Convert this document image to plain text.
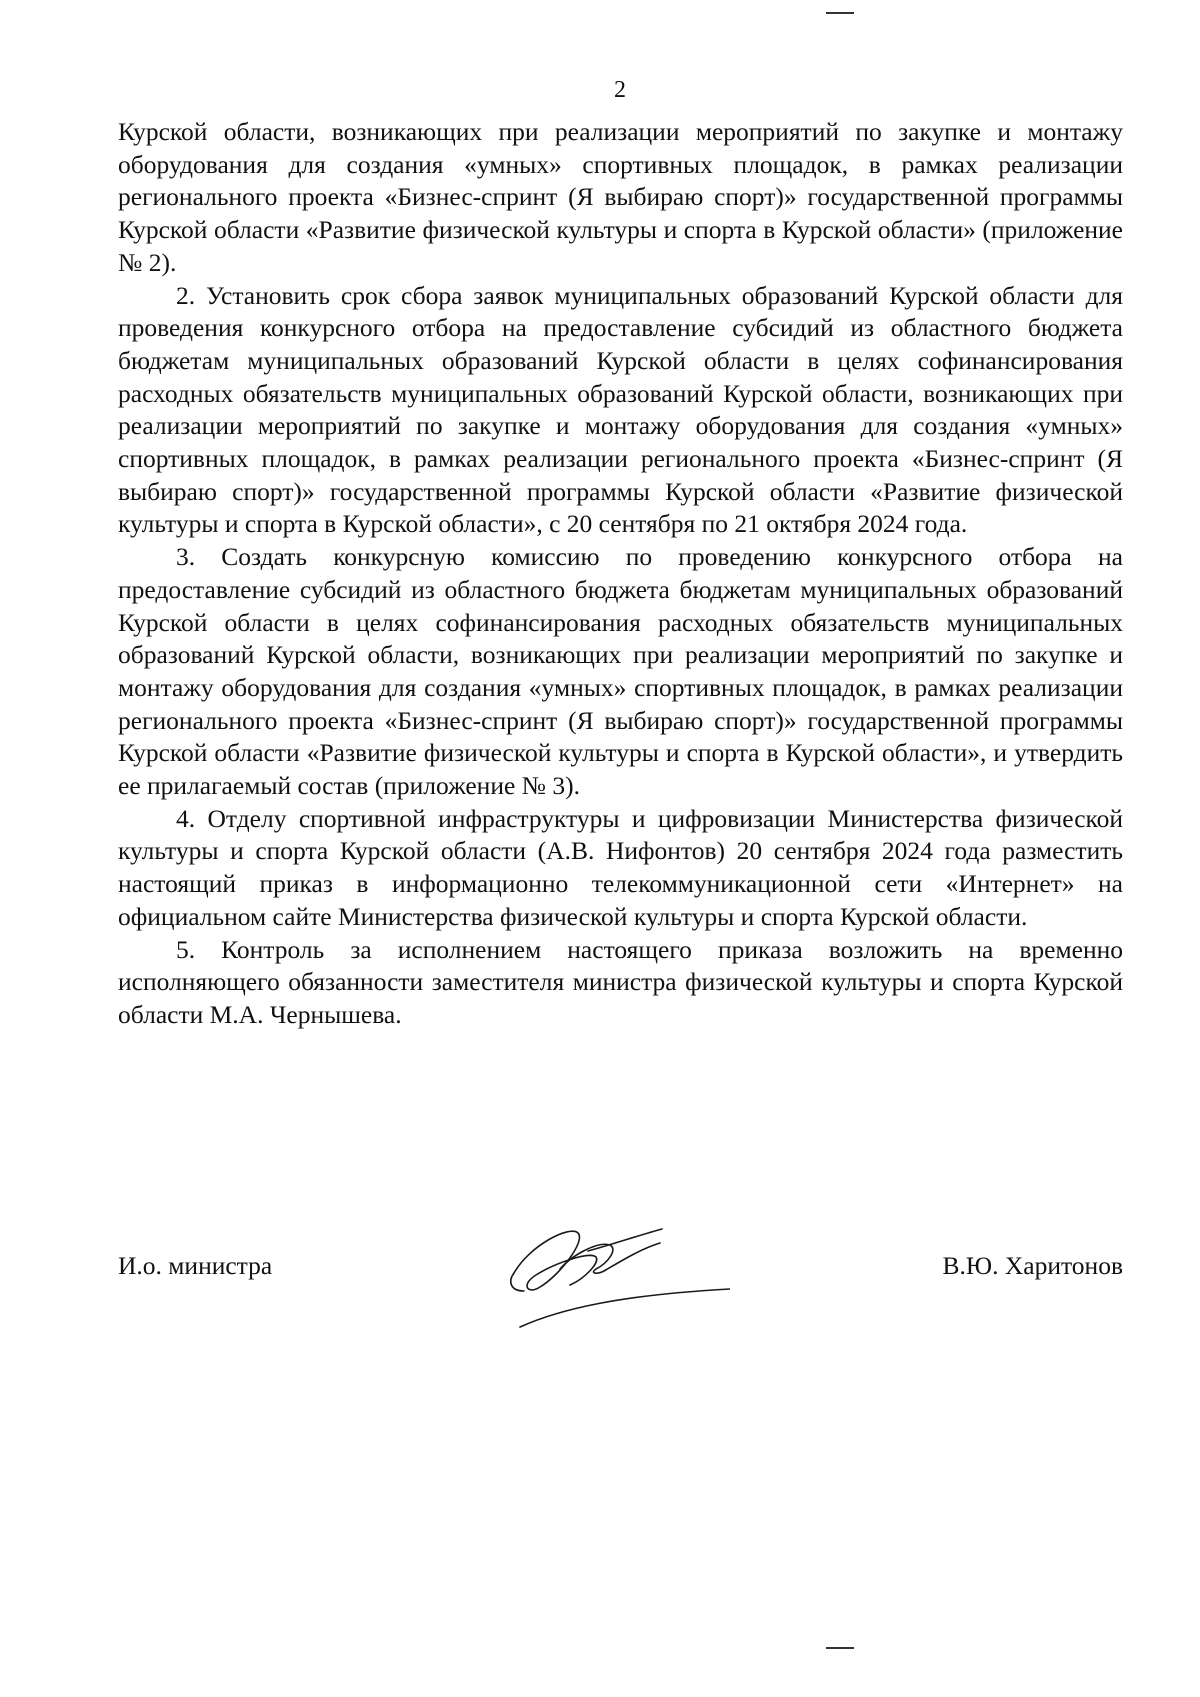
2

Курской области, возникающих при реализации мероприятий по закупке и монтажу оборудования для создания «умных» спортивных площадок, в рамках реализации регионального проекта «Бизнес-спринт (Я выбираю спорт)» государственной программы Курской области «Развитие физической культуры и спорта в Курской области» (приложение № 2).

2. Установить срок сбора заявок муниципальных образований Курской области для проведения конкурсного отбора на предоставление субсидий из областного бюджета бюджетам муниципальных образований Курской области в целях софинансирования расходных обязательств муниципальных образований Курской области, возникающих при реализации мероприятий по закупке и монтажу оборудования для создания «умных» спортивных площадок, в рамках реализации регионального проекта «Бизнес-спринт (Я выбираю спорт)» государственной программы Курской области «Развитие физической культуры и спорта в Курской области», с 20 сентября по 21 октября 2024 года.

3. Создать конкурсную комиссию по проведению конкурсного отбора на предоставление субсидий из областного бюджета бюджетам муниципальных образований Курской области в целях софинансирования расходных обязательств муниципальных образований Курской области, возникающих при реализации мероприятий по закупке и монтажу оборудования для создания «умных» спортивных площадок, в рамках реализации регионального проекта «Бизнес-спринт (Я выбираю спорт)» государственной программы Курской области «Развитие физической культуры и спорта в Курской области», и утвердить ее прилагаемый состав (приложение № 3).

4. Отделу спортивной инфраструктуры и цифровизации Министерства физической культуры и спорта Курской области (А.В. Нифонтов) 20 сентября 2024 года разместить настоящий приказ в информационно телекоммуникационной сети «Интернет» на официальном сайте Министерства физической культуры и спорта Курской области.

5. Контроль за исполнением настоящего приказа возложить на временно исполняющего обязанности заместителя министра физической культуры и спорта Курской области М.А. Чернышева.

И.о. министра	В.Ю. Харитонов
